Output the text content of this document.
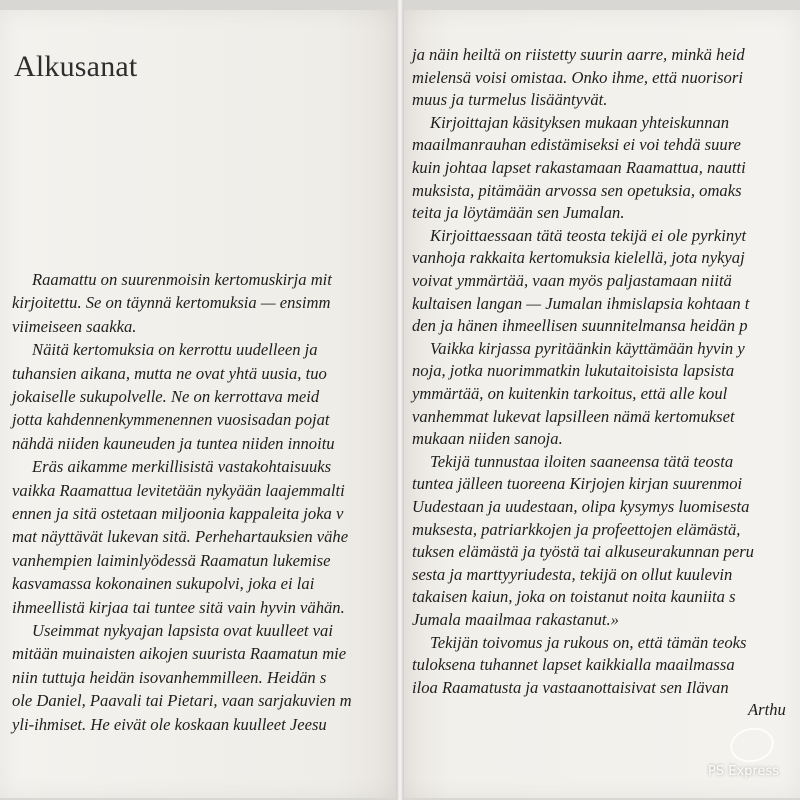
Alkusanat

Raamattu on suurenmoisin kertomuskirja mit

kirjoitettu. Se on täynnä kertomuksia — ensimm

viimeiseen saakka.

Näitä kertomuksia on kerrottu uudelleen ja

tuhansien aikana, mutta ne ovat yhtä uusia, tuo

jokaiselle sukupolvelle. Ne on kerrottava meid

jotta kahdennenkymmenennen vuosisadan pojat

nähdä niiden kauneuden ja tuntea niiden innoitu

Eräs aikamme merkillisistä vastakohtaisuuks

vaikka Raamattua levitetään nykyään laajemmalti

ennen ja sitä ostetaan miljoonia kappaleita joka v

mat näyttävät lukevan sitä. Perhehartauksien vähe

vanhempien laiminlyödessä Raamatun lukemise

kasvamassa kokonainen sukupolvi, joka ei lai

ihmeellistä kirjaa tai tuntee sitä vain hyvin vähän.

Useimmat nykyajan lapsista ovat kuulleet vai

mitään muinaisten aikojen suurista Raamatun mie

niin tuttuja heidän isovanhemmilleen. Heidän s

ole Daniel, Paavali tai Pietari, vaan sarjakuvien m

yli-ihmiset. He eivät ole koskaan kuulleet Jeesu

ja näin heiltä on riistetty suurin aarre, minkä heid

mielensä voisi omistaa. Onko ihme, että nuorisori

muus ja turmelus lisääntyvät.

Kirjoittajan käsityksen mukaan yhteiskunnan

maailmanrauhan edistämiseksi ei voi tehdä suure

kuin johtaa lapset rakastamaan Raamattua, nautti

muksista, pitämään arvossa sen opetuksia, omaks

teita ja löytämään sen Jumalan.

Kirjoittaessaan tätä teosta tekijä ei ole pyrkinyt

vanhoja rakkaita kertomuksia kielellä, jota nykyaj

voivat ymmärtää, vaan myös paljastamaan niitä

kultaisen langan — Jumalan ihmislapsia kohtaan t

den ja hänen ihmeellisen suunnitelmansa heidän p

Vaikka kirjassa pyritäänkin käyttämään hyvin y

noja, jotka nuorimmatkin lukutaitoisista lapsista

ymmärtää, on kuitenkin tarkoitus, että alle koul

vanhemmat lukevat lapsilleen nämä kertomukset

mukaan niiden sanoja.

Tekijä tunnustaa iloiten saaneensa tätä teosta

tuntea jälleen tuoreena Kirjojen kirjan suurenmoi

Uudestaan ja uudestaan, olipa kysymys luomisesta

muksesta, patriarkkojen ja profeettojen elämästä,

tuksen elämästä ja työstä tai alkuseurakunnan peru

sesta ja marttyyriudesta, tekijä on ollut kuulevin

takaisen kaiun, joka on toistanut noita kauniita s

Jumala maailmaa rakastanut.»

Tekijän toivomus ja rukous on, että tämän teoks

tuloksena tuhannet lapset kaikkialla maailmassa

iloa Raamatusta ja vastaanottaisivat sen Ilävan

Arthu

PS Express
